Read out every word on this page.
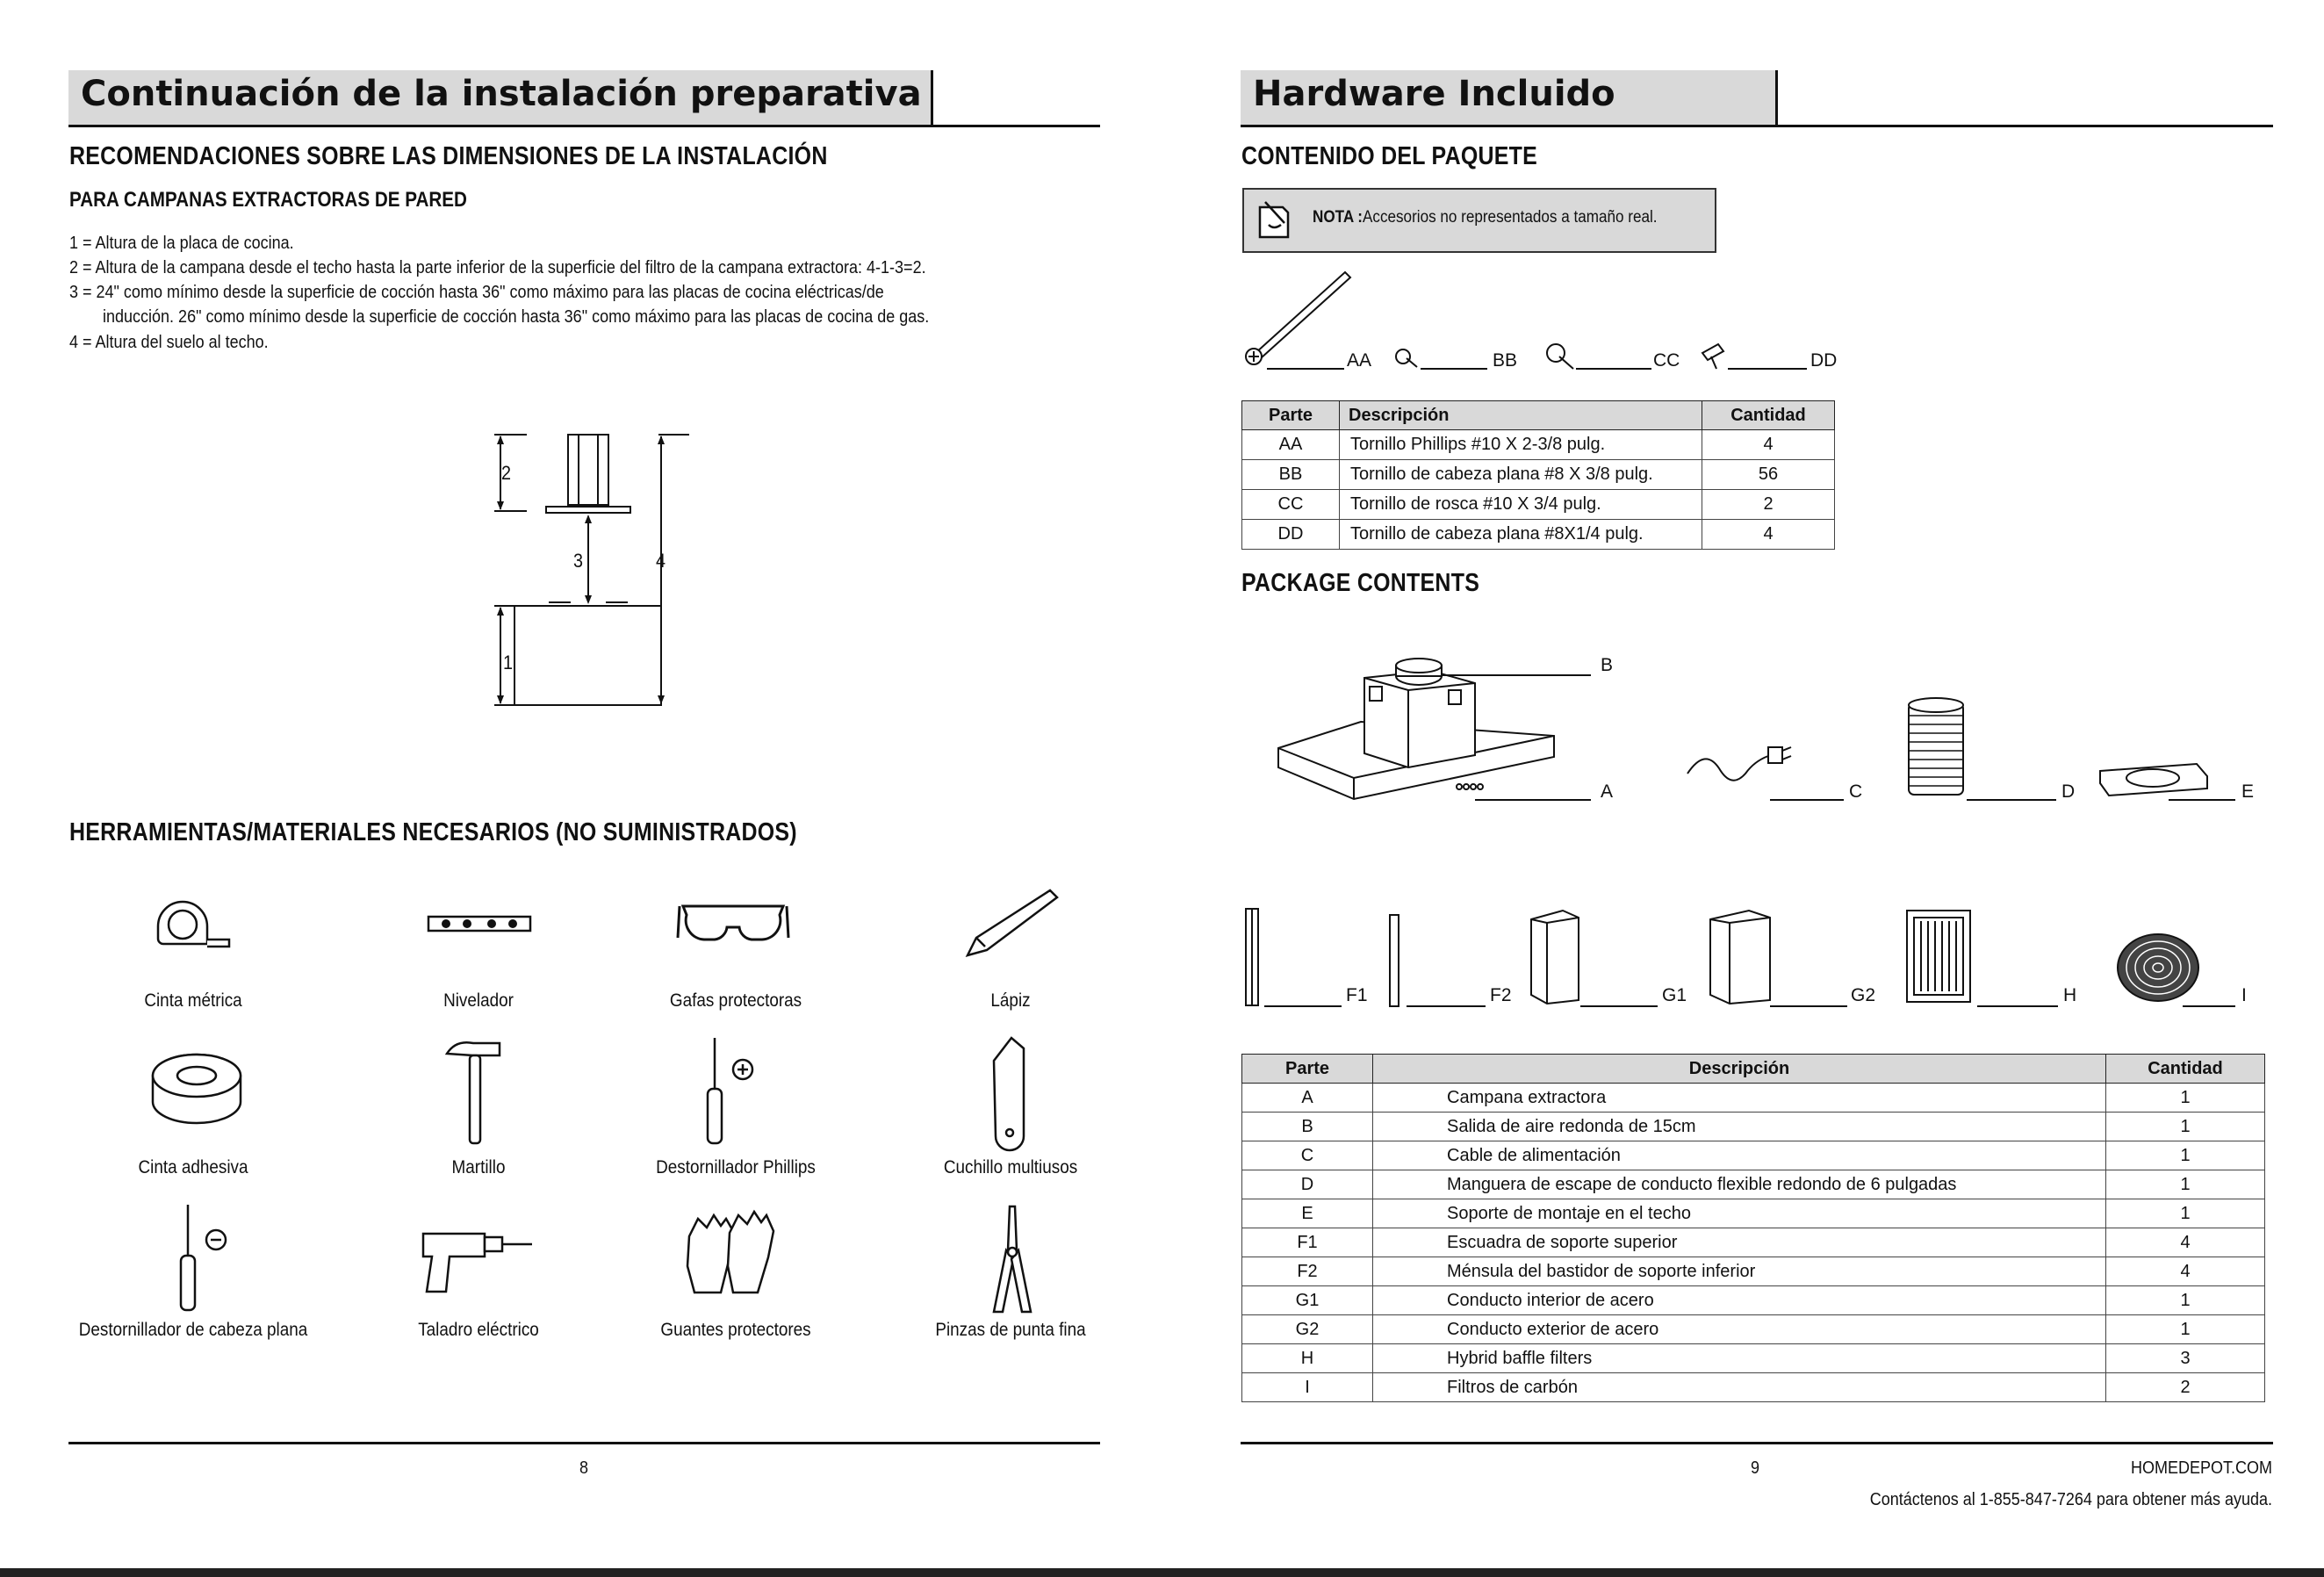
Continuación de la instalación preparativa
RECOMENDACIONES SOBRE LAS DIMENSIONES DE LA INSTALACIÓN
PARA CAMPANAS EXTRACTORAS DE PARED
1 = Altura de la placa de cocina.
2 = Altura de la campana desde el techo hasta la parte inferior de la superficie del filtro de la campana extractora: 4-1-3=2.
3 = 24" como mínimo desde la superficie de cocción hasta 36" como máximo para las placas de cocina eléctricas/de
inducción. 26" como mínimo desde la superficie de cocción hasta 36" como máximo para las placas de cocina de gas.
4 = Altura del suelo al techo.
2
3	4
1
HERRAMIENTAS/MATERIALES NECESARIOS (NO SUMINISTRADOS)
Cinta métrica	Nivelador	Gafas protectoras	Lápiz
Cinta adhesiva	Martillo	Destornillador Phillips	Cuchillo multiusos
Destornillador de cabeza plana	Taladro eléctrico	Guantes protectores	Pinzas de punta fina
8
Hardware Incluido
CONTENIDO DEL PAQUETE
NOTA :Accesorios no representados a tamaño real.
AA	BB	CC	DD
Parte	Descripción	Cantidad
AA	Tornillo Phillips #10 X 2-3/8 pulg.	4
BB	Tornillo de cabeza plana #8 X 3/8 pulg.	56
CC	Tornillo de rosca #10 X 3/4 pulg.	2
DD	Tornillo de cabeza plana #8X1/4 pulg.	4
PACKAGE CONTENTS
B
A	C	D	E
F1	F2	G1	G2	H	I
Parte	Descripción	Cantidad
A	Campana extractora	1
B	Salida de aire redonda de 15cm	1
C	Cable de alimentación	1
D	Manguera de escape de conducto flexible redondo de 6 pulgadas	1
E	Soporte de montaje en el techo	1
F1	Escuadra de soporte superior	4
F2	Ménsula del bastidor de soporte inferior	4
G1	Conducto interior de acero	1
G2	Conducto exterior de acero	1
H	Hybrid baffle filters	3
I	Filtros de carbón	2
9	HOMEDEPOT.COM
Contáctenos al 1-855-847-7264 para obtener más ayuda.
